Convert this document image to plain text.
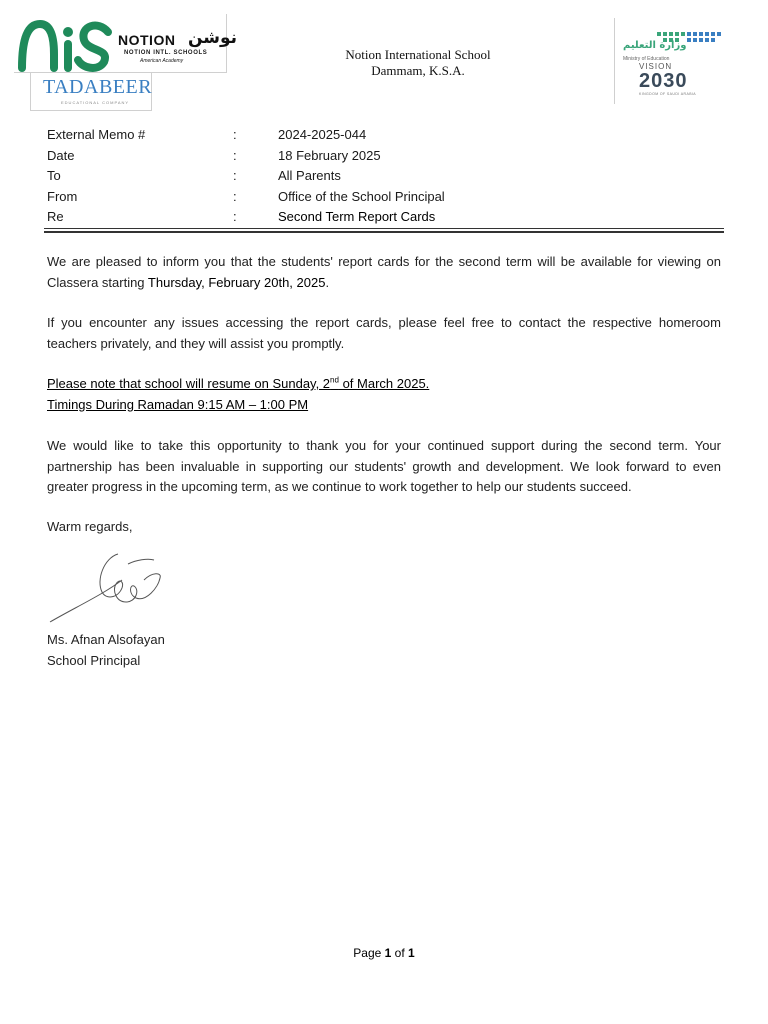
NOTION نوشن
NOTION INTL. SCHOOLS
American Academy
TADABEER
EDUCATIONAL COMPANY
Notion International School
Dammam, K.S.A.
وزارة التعليم
Ministry of Education
VISION
2030
KINGDOM OF SAUDI ARABIA
External Memo #	:	2024-2025-044
Date	:	18 February 2025
To	:	All Parents
From	:	Office of the School Principal
Re	:	Second Term Report Cards
We are pleased to inform you that the students' report cards for the second term will be available for viewing on Classera starting Thursday, February 20th, 2025.
If you encounter any issues accessing the report cards, please feel free to contact the respective homeroom teachers privately, and they will assist you promptly.
Please note that school will resume on Sunday, 2nd of March 2025.
Timings During Ramadan 9:15 AM – 1:00 PM
We would like to take this opportunity to thank you for your continued support during the second term. Your partnership has been invaluable in supporting our students' growth and development. We look forward to even greater progress in the upcoming term, as we continue to work together to help our students succeed.
Warm regards,
Ms. Afnan Alsofayan
School Principal
Page 1 of 1
